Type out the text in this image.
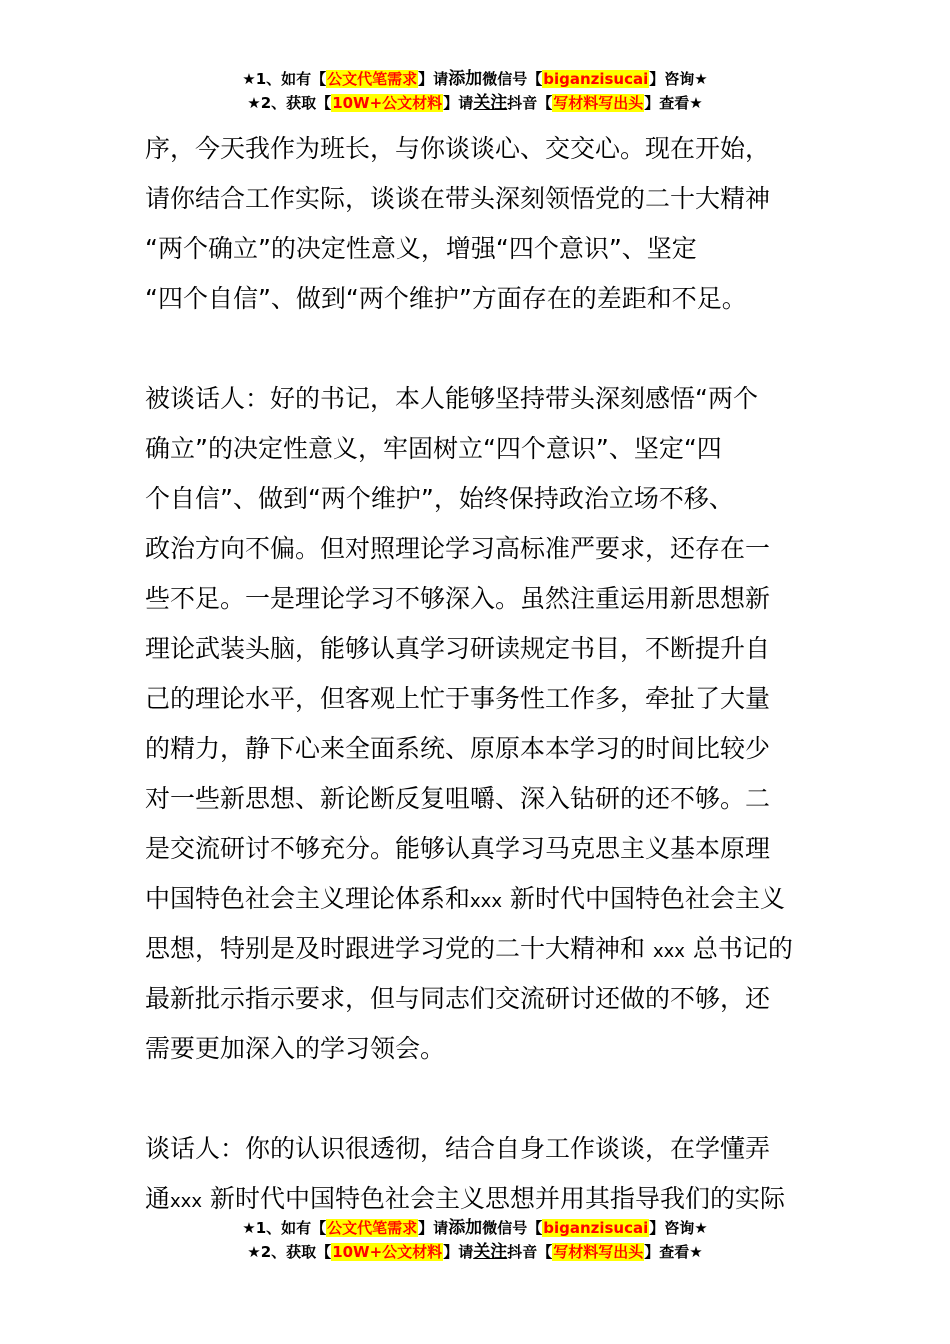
★1、如有【公文代笔需求】请添加微信号【biganzisucai】咨询★
★2、获取【10W+公文材料】请关注抖音【写材料写出头】查看★
序，今天我作为班长，与你谈谈心、交交心。现在开始，
请你结合工作实际，谈谈在带头深刻领悟党的二十大精神
“两个确立”的决定性意义，增强“四个意识”、坚定
“四个自信”、做到“两个维护”方面存在的差距和不足。
被谈话人：好的书记，本人能够坚持带头深刻感悟“两个
确立”的决定性意义，牢固树立“四个意识”、坚定“四
个自信”、做到“两个维护”，始终保持政治立场不移、
政治方向不偏。但对照理论学习高标准严要求，还存在一
些不足。一是理论学习不够深入。虽然注重运用新思想新
理论武装头脑，能够认真学习研读规定书目，不断提升自
己的理论水平，但客观上忙于事务性工作多，牵扯了大量
的精力，静下心来全面系统、原原本本学习的时间比较少
对一些新思想、新论断反复咀嚼、深入钻研的还不够。二
是交流研讨不够充分。能够认真学习马克思主义基本原理
中国特色社会主义理论体系和xxx 新时代中国特色社会主义
思想，特别是及时跟进学习党的二十大精神和 xxx 总书记的
最新批示指示要求，但与同志们交流研讨还做的不够，还
需要更加深入的学习领会。
谈话人：你的认识很透彻，结合自身工作谈谈，在学懂弄
通xxx 新时代中国特色社会主义思想并用其指导我们的实际
★1、如有【公文代笔需求】请添加微信号【biganzisucai】咨询★
★2、获取【10W+公文材料】请关注抖音【写材料写出头】查看★
